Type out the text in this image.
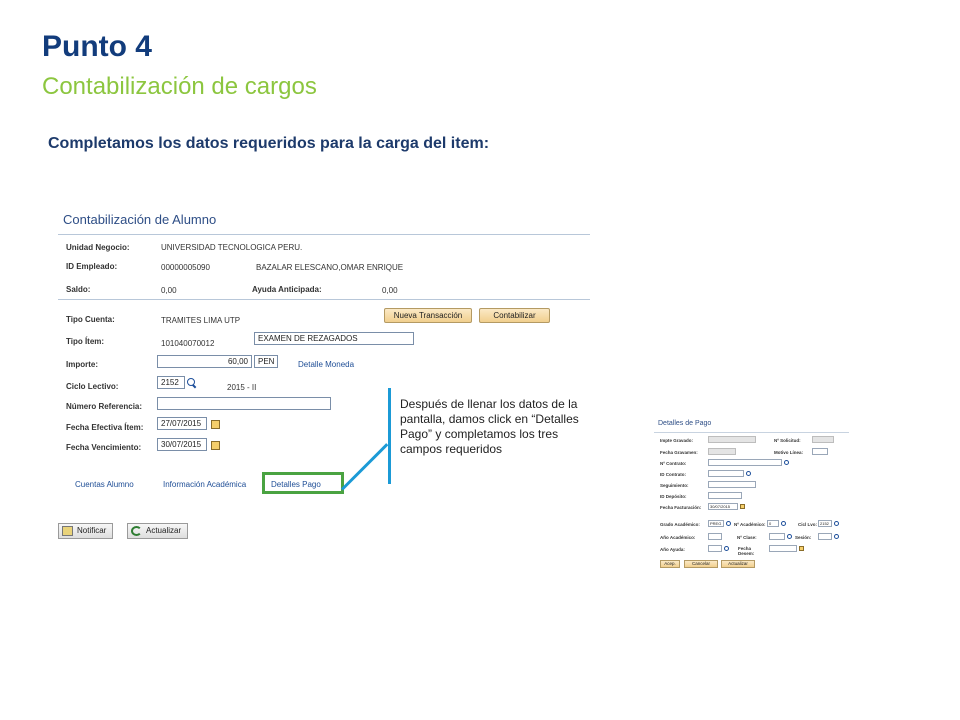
Punto 4
Contabilización de cargos
Completamos los datos requeridos para la carga del item:
Contabilización de Alumno
Unidad Negocio:	UNIVERSIDAD TECNOLOGICA PERU.
ID Empleado:	00000005090	BAZALAR ELESCANO,OMAR ENRIQUE
Saldo:	0,00	Ayuda Anticipada:	0,00
Tipo Cuenta:	TRAMITES LIMA UTP
Nueva Transacción	Contabilizar
Tipo Ítem:	101040070012
EXAMEN DE REZAGADOS
Importe:	60,00	PEN	Detalle Moneda
Ciclo Lectivo:	2152
2015 - II
Número Referencia:
Fecha Efectiva Ítem:	27/07/2015
Fecha Vencimiento:	30/07/2015
Cuentas Alumno	Información Académica	Detalles Pago
Notificar	Actualizar
Después de llenar los datos de la pantalla, damos click en “Detalles Pago” y completamos los tres campos requeridos
Detalles de Pago
Impte Gravado:	Nº Solicitud:
Fecha Gravamen:	Motivo Línea:
Nº Contrato:
ID Contrato:
Seguimiento:
ID Depósito:
Fecha Facturación:	30/07/2015
Grado Académico:	PREG	Nº Académico: 0	Cicl Lvo: 2152
Año Académico:	Nº Clase:	Sesión:
Año Ayuda:	Fecha Desem:
Acep.	Cancelar	Actualizar
